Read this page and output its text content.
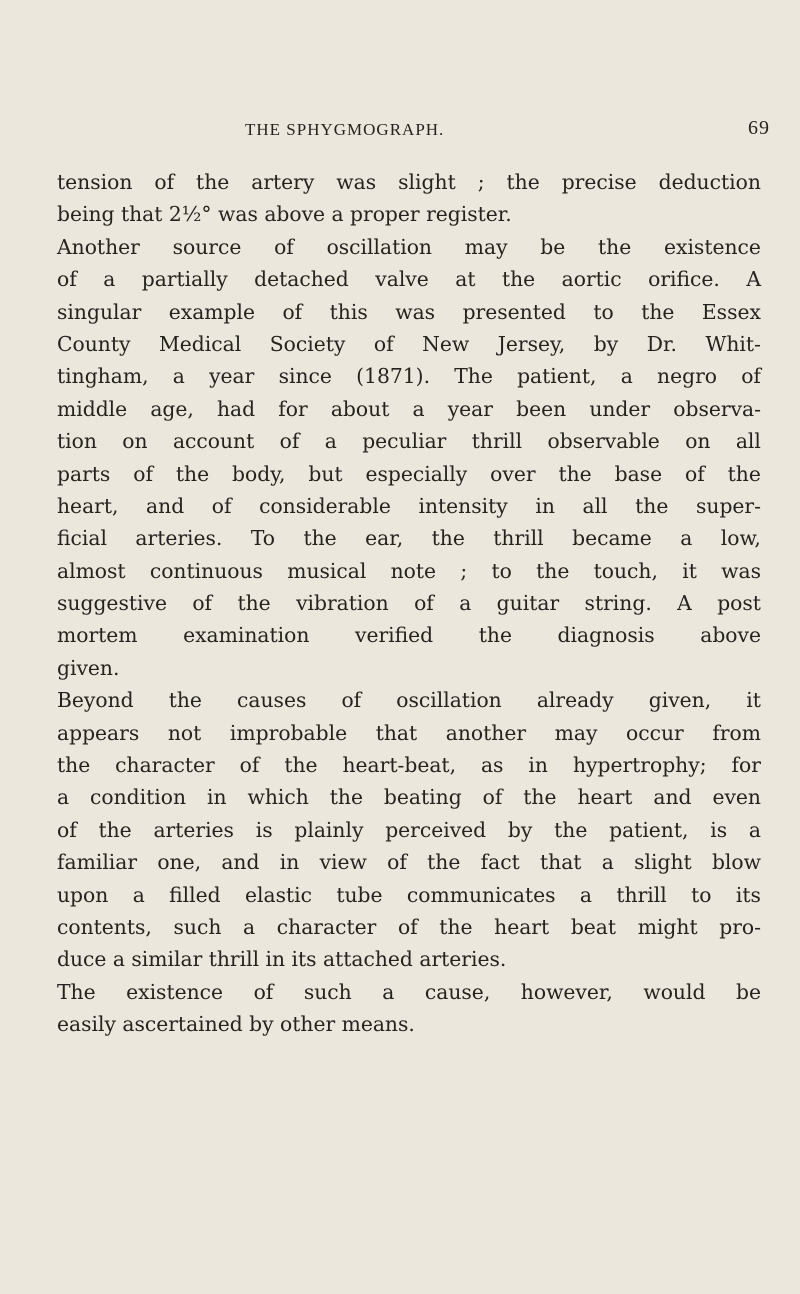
THE SPHYGMOGRAPH.	69
tension of the artery was slight ; the precise deduction
being that 2½° was above a proper register.
Another source of oscillation may be the existence
of a partially detached valve at the aortic orifice. A
singular example of this was presented to the Essex
County Medical Society of New Jersey, by Dr. Whit-
tingham, a year since (1871). The patient, a negro of
middle age, had for about a year been under observa-
tion on account of a peculiar thrill observable on all
parts of the body, but especially over the base of the
heart, and of considerable intensity in all the super-
ficial arteries. To the ear, the thrill became a low,
almost continuous musical note ; to the touch, it was
suggestive of the vibration of a guitar string. A post
mortem examination verified the diagnosis above
given.
Beyond the causes of oscillation already given, it
appears not improbable that another may occur from
the character of the heart-beat, as in hypertrophy; for
a condition in which the beating of the heart and even
of the arteries is plainly perceived by the patient, is a
familiar one, and in view of the fact that a slight blow
upon a filled elastic tube communicates a thrill to its
contents, such a character of the heart beat might pro-
duce a similar thrill in its attached arteries.
The existence of such a cause, however, would be
easily ascertained by other means.
